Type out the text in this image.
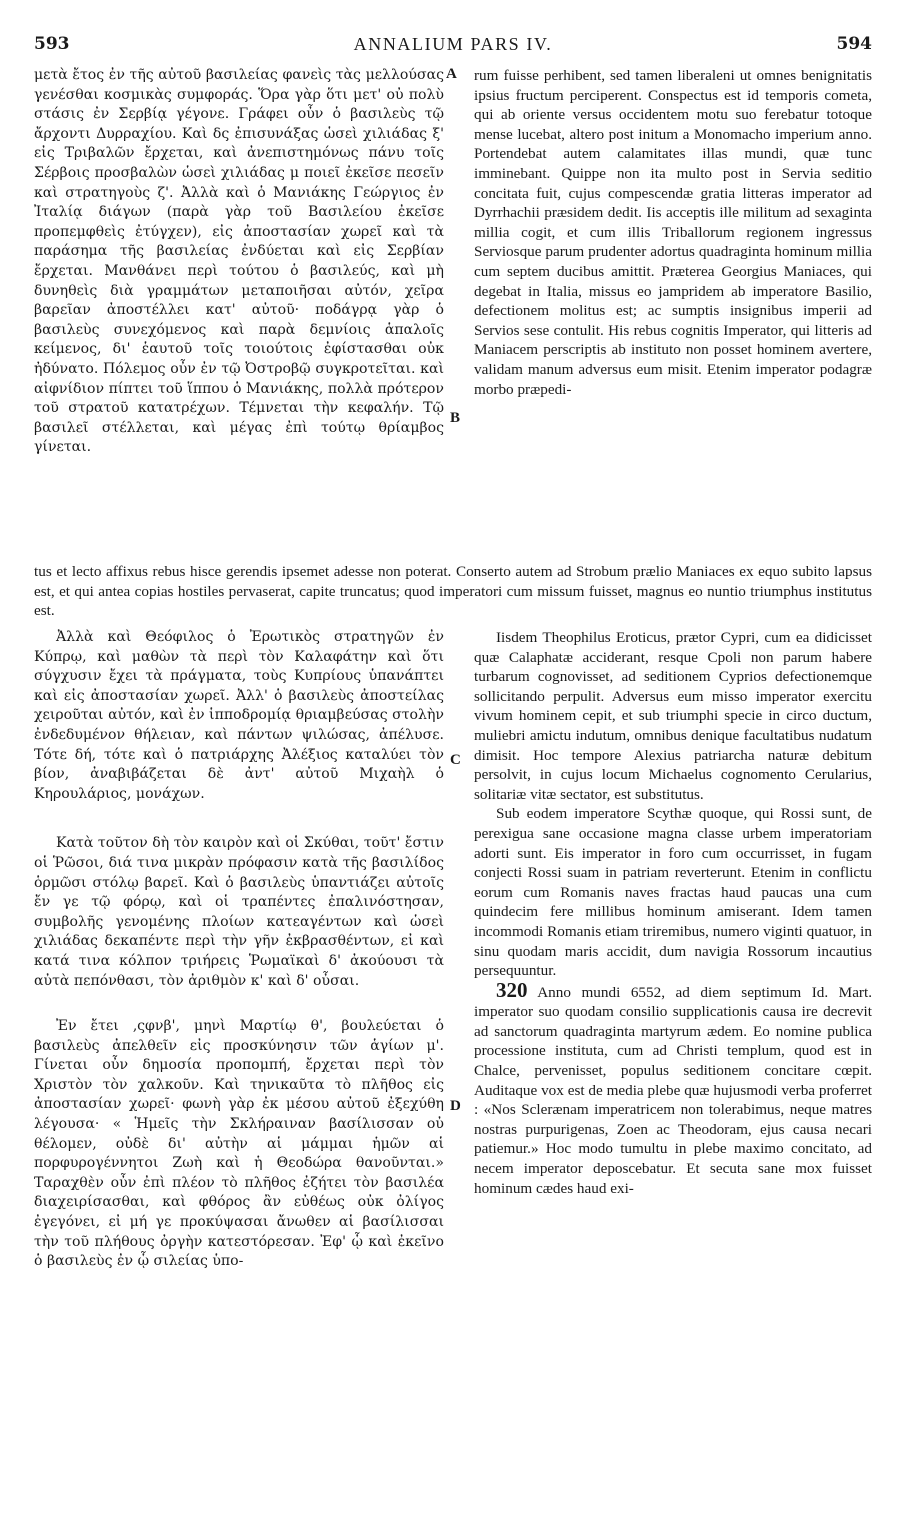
593	ANNALIUM PARS IV.	594
A
B
C
D

μετὰ ἔτος ἐν τῆς αὐτοῦ βασιλείας φανεὶς τὰς μελλούσας γενέσθαι κοσμικὰς συμφοράς. Ὅρα γὰρ ὅτι μετ' οὐ πολὺ στάσις ἐν Σερβίᾳ γέγονε. Γράφει οὖν ὁ βασιλεὺς τῷ ἄρχοντι Δυρραχίου. Καὶ δς ἐπισυνάξας ὡσεὶ χιλιάδας ξ' εἰς Τριβαλῶν ἔρχεται, καὶ ἀνεπιστημόνως πάνυ τοῖς Σέρβοις προσβαλὼν ὡσεὶ χιλιάδας μ ποιεῖ ἐκεῖσε πεσεῖν καὶ στρατηγοὺς ζ'. Ἀλλὰ καὶ ὁ Μανιάκης Γεώργιος ἐν Ἰταλίᾳ διάγων (παρὰ γὰρ τοῦ Βασιλείου ἐκεῖσε προπεμφθεὶς ἐτύγχεν), εἰς ἀποστασίαν χωρεῖ καὶ τὰ παράσημα τῆς βασιλείας ἐνδύεται καὶ εἰς Σερβίαν ἔρχεται. Μανθάνει περὶ τούτου ὁ βασιλεύς, καὶ μὴ δυνηθεὶς διὰ γραμμάτων μεταποιῆσαι αὐτόν, χεῖρα βαρεῖαν ἀποστέλλει κατ' αὐτοῦ· ποδάγρᾳ γὰρ ὁ βασιλεὺς συνεχόμενος καὶ παρὰ δεμνίοις ἁπαλοῖς κείμενος, δι' ἑαυτοῦ τοῖς τοιούτοις ἐφίστασθαι οὐκ ἠδύνατο. Πόλεμος οὖν ἐν τῷ Ὀστροβῷ συγκροτεῖται. καὶ αἰφνίδιον πίπτει τοῦ ἵππου ὁ Μανιάκης, πολλὰ πρότερον τοῦ στρατοῦ κατατρέχων. Τέμνεται τὴν κεφαλήν. Τῷ βασιλεῖ στέλλεται, καὶ μέγας ἐπὶ τούτῳ θρίαμβος γίνεται.

rum fuisse perhibent, sed tamen liberaleni ut omnes benignitatis ipsius fructum perciperent. Conspectus est id temporis cometa, qui ab oriente versus occidentem motu suo ferebatur totoque mense lucebat, altero post initum a Monomacho imperium anno. Portendebat autem calamitates illas mundi, quæ tunc imminebant. Quippe non ita multo post in Servia seditio concitata fuit, cujus compescendæ gratia litteras imperator ad Dyrrhachii præsidem dedit. Iis acceptis ille militum ad sexaginta millia cogit, et cum illis Triballorum regionem ingressus Serviosque parum prudenter adortus quadraginta hominum millia cum septem ducibus amittit. Præterea Georgius Maniaces, qui degebat in Italia, missus eo jampridem ab imperatore Basilio, defectionem molitus est; ac sumptis insignibus imperii ad Servios sese contulit. His rebus cognitis Imperator, qui litteris ad Maniacem perscriptis ab instituto non posset hominem avertere, validam manum adversus eum misit. Etenim imperator podagræ morbo præpedi-

tus et lecto affixus rebus hisce gerendis ipsemet adesse non poterat. Conserto autem ad Strobum prælio Maniaces ex equo subito lapsus est, et qui antea copias hostiles pervaserat, capite truncatus; quod imperatori cum missum fuisset, magnus eo nuntio triumphus institutus est.

Ἀλλὰ καὶ Θεόφιλος ὁ Ἐρωτικὸς στρατηγῶν ἐν Κύπρῳ, καὶ μαθὼν τὰ περὶ τὸν Καλαφάτην καὶ ὅτι σύγχυσιν ἔχει τὰ πράγματα, τοὺς Κυπρίους ὑπανάπτει καὶ εἰς ἀποστασίαν χωρεῖ. Ἀλλ' ὁ βασιλεὺς ἀποστείλας χειροῦται αὐτόν, καὶ ἐν ἱπποδρομίᾳ θριαμβεύσας στολὴν ἐνδεδυμένον θήλειαν, καὶ πάντων ψιλώσας, ἀπέλυσε. Τότε δή, τότε καὶ ὁ πατριάρχης Ἀλέξιος καταλύει τὸν βίον, ἀναβιβάζεται δὲ ἀντ' αὐτοῦ Μιχαὴλ ὁ Κηρουλάριος, μονάχων.

Κατὰ τοῦτον δὴ τὸν καιρὸν καὶ οἱ Σκύθαι, τοῦτ' ἔστιν οἱ Ῥῶσοι, διά τινα μικρὰν πρόφασιν κατὰ τῆς βασιλίδος ὁρμῶσι στόλῳ βαρεῖ. Καὶ ὁ βασιλεὺς ὑπαντιάζει αὐτοῖς ἔν γε τῷ φόρῳ, καὶ οἱ τραπέντες ἐπαλινόστησαν, συμβολῆς γενομένης πλοίων κατεαγέντων καὶ ὡσεὶ χιλιάδας δεκαπέντε περὶ τὴν γῆν ἐκβρασθέντων, εἰ καὶ κατά τινα κόλπον τριήρεις Ῥωμαϊκαὶ δ' ἀκούουσι τὰ αὐτὰ πεπόνθασι, τὸν ἀριθμὸν κ' καὶ δ' οὖσαι.

Ἐν ἔτει ‚ςφνβ', μηνὶ Μαρτίῳ θ', βουλεύεται ὁ βασιλεὺς ἀπελθεῖν εἰς προσκύνησιν τῶν ἁγίων μ'. Γίνεται οὖν δημοσία προπομπή, ἔρχεται περὶ τὸν Χριστὸν τὸν χαλκοῦν. Καὶ τηνικαῦτα τὸ πλῆθος εἰς ἀποστασίαν χωρεῖ· φωνὴ γὰρ ἐκ μέσου αὐτοῦ ἐξεχύθη λέγουσα· « Ἡμεῖς τὴν Σκλήραιναν βασίλισσαν οὐ θέλομεν, οὐδὲ δι' αὐτὴν αἱ μάμμαι ἡμῶν αἱ πορφυρογέννητοι Ζωὴ καὶ ἡ Θεοδώρα θανοῦνται.» Ταραχθὲν οὖν ἐπὶ πλέον τὸ πλῆθος ἐζήτει τὸν βασιλέα διαχειρίσασθαι, καὶ φθόρος ἂν εὐθέως οὐκ ὀλίγος ἐγεγόνει, εἰ μή γε προκύψασαι ἄνωθεν αἱ βασίλισσαι τὴν τοῦ πλήθους ὀργὴν κατεστόρεσαν. Ἐφ' ᾧ καὶ ἐκεῖνο ὁ βασιλεὺς ἐν ᾧ σιλείας ὑπο-

Iisdem Theophilus Eroticus, prætor Cypri, cum ea didicisset quæ Calaphatæ acciderant, resque Cpoli non parum habere turbarum cognovisset, ad seditionem Cyprios defectionemque sollicitando perpulit. Adversus eum misso imperator exercitu vivum hominem cepit, et sub triumphi specie in circo ductum, muliebri amictu indutum, omnibus denique facultatibus nudatum dimisit. Hoc tempore Alexius patriarcha naturæ debitum persolvit, in cujus locum Michaelus cognomento Cerularius, solitariæ vitæ sectator, est substitutus.

Sub eodem imperatore Scythæ quoque, qui Rossi sunt, de perexigua sane occasione magna classe urbem imperatoriam adorti sunt. Eis imperator in foro cum occurrisset, in fugam conjecti Rossi suam in patriam reverterunt. Etenim in conflictu eorum cum Romanis naves fractas haud paucas una cum quindecim fere millibus hominum amiserant. Idem tamen incommodi Romanis etiam triremibus, numero viginti quatuor, in sinu quodam maris accidit, dum navigia Rossorum incautius persequuntur.

320 Anno mundi 6552, ad diem septimum Id. Mart. imperator suo quodam consilio supplicationis causa ire decrevit ad sanctorum quadraginta martyrum ædem. Eo nomine publica processione instituta, cum ad Christi templum, quod est in Chalce, pervenisset, populus seditionem concitare cœpit. Auditaque vox est de media plebe quæ hujusmodi verba proferret : «Nos Sclerænam imperatricem non tolerabimus, neque matres nostras purpurigenas, Zoen ac Theodoram, ejus causa necari patiemur.» Hoc modo tumultu in plebe maximo concitato, ad necem imperator deposcebatur. Et secuta sane mox fuisset hominum cædes haud exi-
